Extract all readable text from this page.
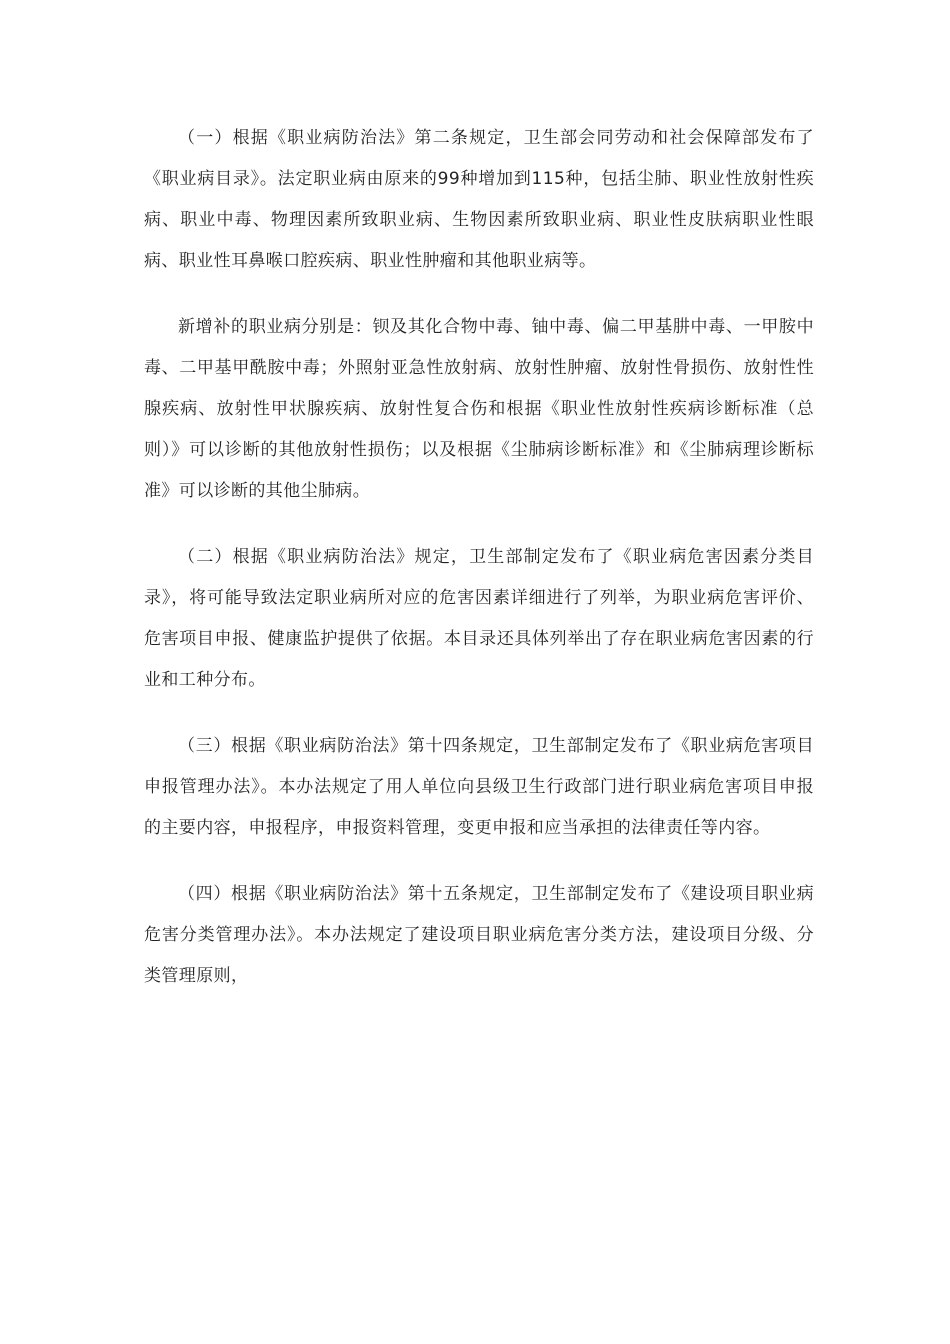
（一）根据《职业病防治法》第二条规定，卫生部会同劳动和社会保障部发布了《职业病目录》。法定职业病由原来的99种增加到115种，包括尘肺、职业性放射性疾病、职业中毒、物理因素所致职业病、生物因素所致职业病、职业性皮肤病职业性眼病、职业性耳鼻喉口腔疾病、职业性肿瘤和其他职业病等。

新增补的职业病分别是：钡及其化合物中毒、铀中毒、偏二甲基肼中毒、一甲胺中毒、二甲基甲酰胺中毒；外照射亚急性放射病、放射性肿瘤、放射性骨损伤、放射性性腺疾病、放射性甲状腺疾病、放射性复合伤和根据《职业性放射性疾病诊断标准（总则）》可以诊断的其他放射性损伤；以及根据《尘肺病诊断标准》和《尘肺病理诊断标准》可以诊断的其他尘肺病。

（二）根据《职业病防治法》规定，卫生部制定发布了《职业病危害因素分类目录》，将可能导致法定职业病所对应的危害因素详细进行了列举，为职业病危害评价、危害项目申报、健康监护提供了依据。本目录还具体列举出了存在职业病危害因素的行业和工种分布。

（三）根据《职业病防治法》第十四条规定，卫生部制定发布了《职业病危害项目申报管理办法》。本办法规定了用人单位向县级卫生行政部门进行职业病危害项目申报的主要内容，申报程序，申报资料管理，变更申报和应当承担的法律责任等内容。

（四）根据《职业病防治法》第十五条规定，卫生部制定发布了《建设项目职业病危害分类管理办法》。本办法规定了建设项目职业病危害分类方法，建设项目分级、分类管理原则，
